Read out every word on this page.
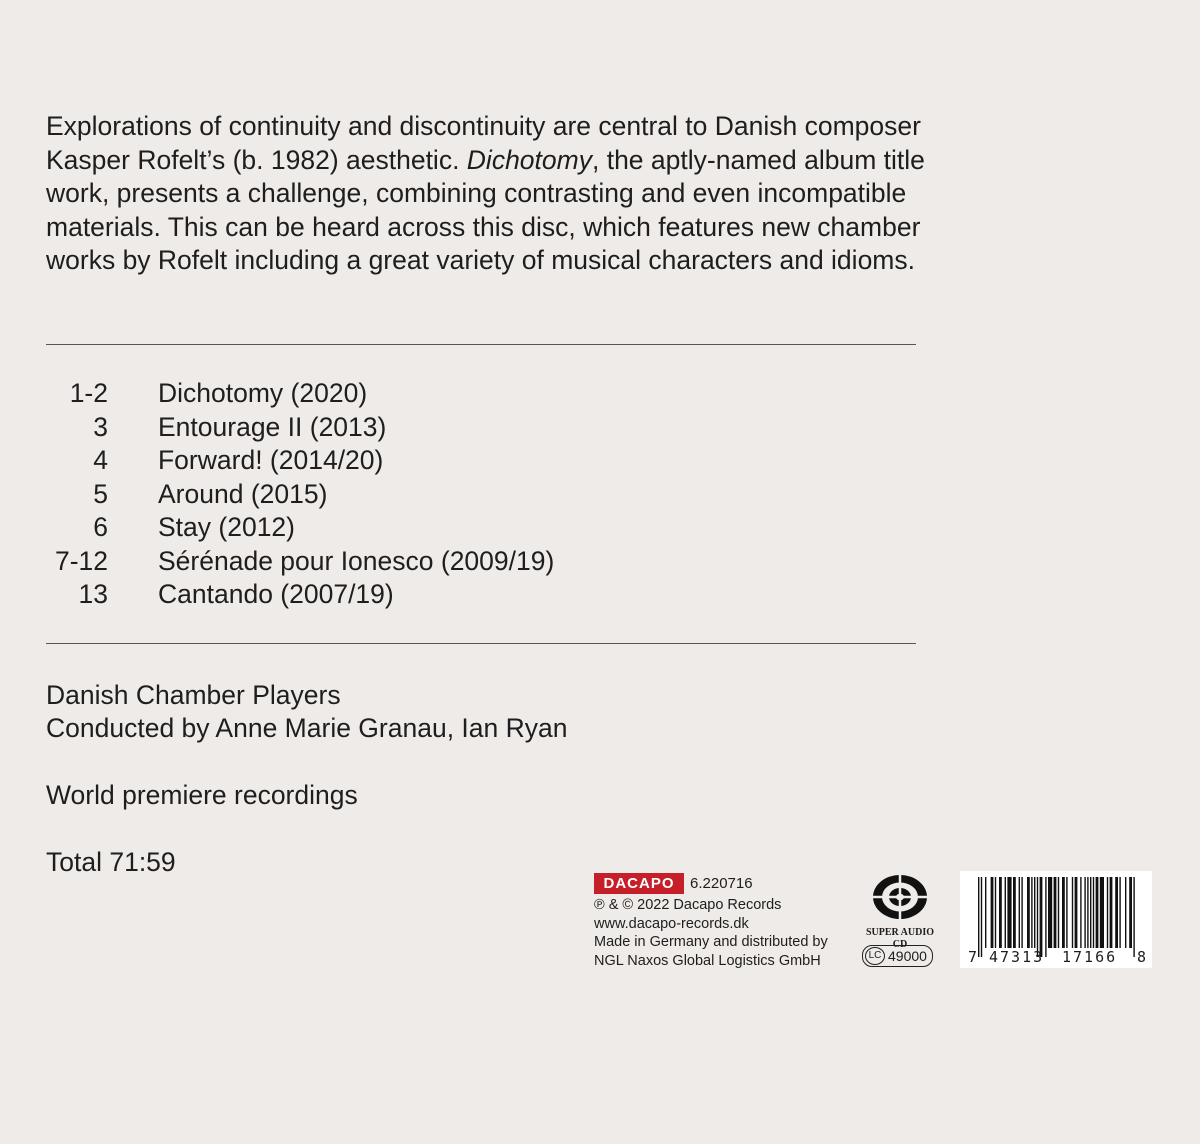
Explorations of continuity and discontinuity are central to Danish composer Kasper Rofelt’s (b. 1982) aesthetic. Dichotomy, the aptly-named album title work, presents a challenge, combining contrasting and even incompatible materials. This can be heard across this disc, which features new chamber works by Rofelt including a great variety of musical characters and idioms.

1-2 Dichotomy (2020)
3 Entourage II (2013)
4 Forward! (2014/20)
5 Around (2015)
6 Stay (2012)
7-12 Sérénade pour Ionesco (2009/19)
13 Cantando (2007/19)
Danish Chamber Players
Conducted by Anne Marie Granau, Ian Ryan
World premiere recordings
Total 71:59
DACAPO	6.220716
℗ & © 2022 Dacapo Records
www.dacapo-records.dk
Made in Germany and distributed by
NGL Naxos Global Logistics GmbH
SUPER AUDIO CD
LC 49000	7 47313 17166 8
